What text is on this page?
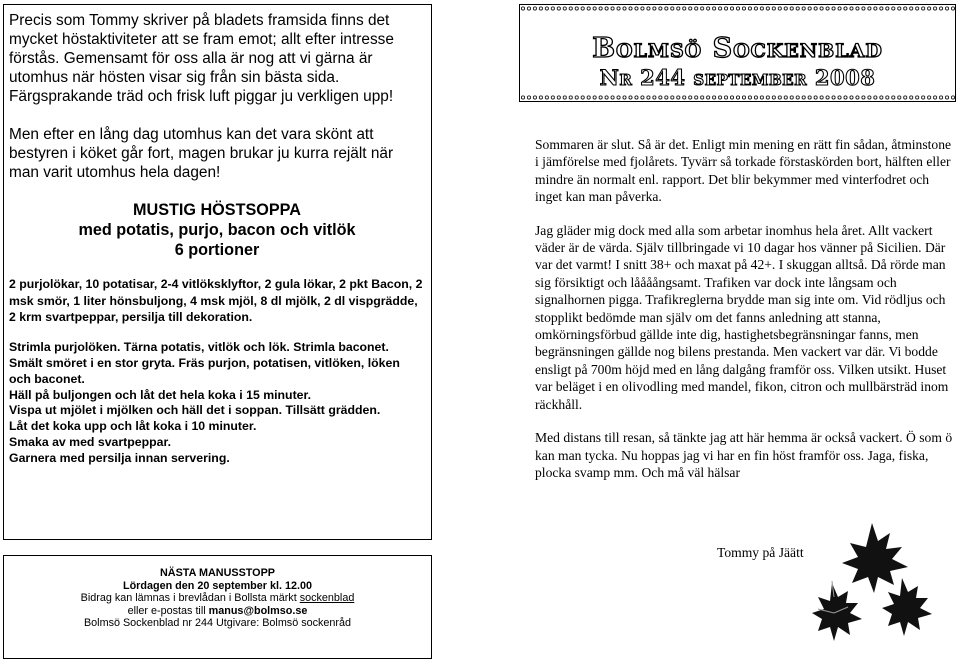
Precis som Tommy skriver på bladets framsida finns det mycket höstaktiviteter att se fram emot; allt efter intresse förstås. Gemensamt för oss alla är nog att vi gärna är utomhus när hösten visar sig från sin bästa sida. Färgsprakande träd och frisk luft piggar ju verkligen upp!

Men efter en lång dag utomhus kan det vara skönt att bestyren i köket går fort, magen brukar ju kurra rejält när man varit utomhus hela dagen!

MUSTIG HÖSTSOPPA
med potatis, purjo, bacon och vitlök
6 portioner
2 purjolökar, 10 potatisar, 2-4 vitlöksklyftor, 2 gula lökar, 2 pkt Bacon, 2 msk smör, 1 liter hönsbuljong, 4 msk mjöl, 8 dl mjölk, 2 dl vispgrädde, 2 krm svartpeppar, persilja till dekoration.
Strimla purjolöken. Tärna potatis, vitlök och lök. Strimla baconet.
Smält smöret i en stor gryta. Fräs purjon, potatisen, vitlöken, löken och baconet.
Häll på buljongen och låt det hela koka i 15 minuter.
Vispa ut mjölet i mjölken och häll det i soppan. Tillsätt grädden.
Låt det koka upp och låt koka i 10 minuter.
Smaka av med svartpeppar.
Garnera med persilja innan servering.
NÄSTA MANUSSTOPP
Lördagen den 20 september kl. 12.00
Bidrag kan lämnas i brevlådan i Bollsta märkt sockenblad
eller e-postas till manus@bolmso.se
Bolmsö Sockenblad nr 244 Utgivare: Bolmsö sockenråd
Bolmsö Sockenblad
Nr 244 september 2008

Sommaren är slut. Så är det. Enligt min mening en rätt fin sådan, åtminstone i jämförelse med fjolårets. Tyvärr så torkade förstaskörden bort, hälften eller mindre än normalt enl. rapport. Det blir bekymmer med vinterfodret och inget kan man påverka.

Jag gläder mig dock med alla som arbetar inomhus hela året. Allt vackert väder är de värda. Själv tillbringade vi 10 dagar hos vänner på Sicilien. Där var det varmt! I snitt 38+ och maxat på 42+. I skuggan alltså. Då rörde man sig försiktigt och låååångsamt. Trafiken var dock inte långsam och signalhornen pigga. Trafikreglerna brydde man sig inte om. Vid rödljus och stopplikt bedömde man själv om det fanns anledning att stanna, omkörningsförbud gällde inte dig, hastighetsbegränsningar fanns, men begränsningen gällde nog bilens prestanda. Men vackert var där. Vi bodde ensligt på 700m höjd med en lång dalgång framför oss. Vilken utsikt. Huset var beläget i en olivodling med mandel, fikon, citron och mullbärsträd inom räckhåll.

Med distans till resan, så tänkte jag att här hemma är också vackert. Ö som ö kan man tycka. Nu hoppas jag vi har en fin höst framför oss. Jaga, fiska, plocka svamp mm. Och må väl hälsar

Tommy på Jäätt
